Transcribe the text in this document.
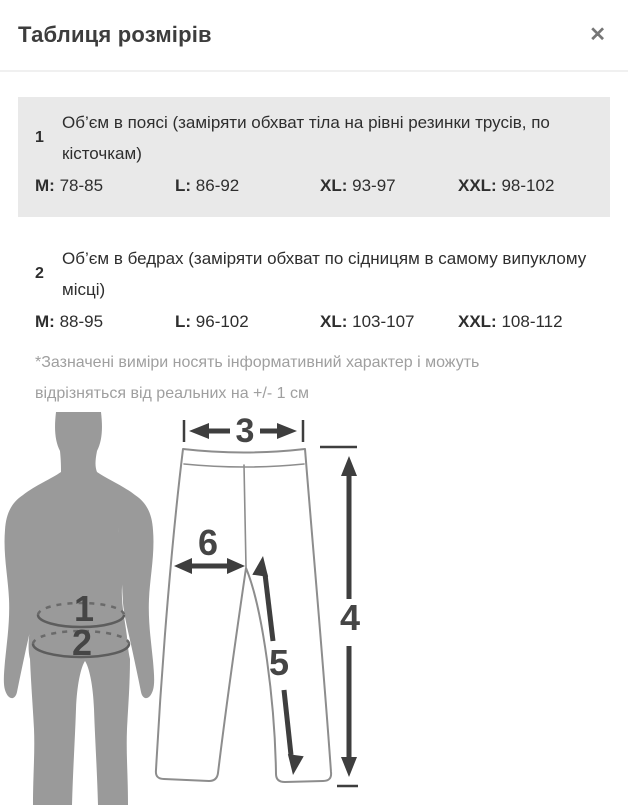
Таблиця розмірів	✕
1

Об’єм в поясі (заміряти обхват тіла на рівні резинки трусів, по кісточкам)

M: 78-85	L: 86-92	XL: 93-97	XXL: 98-102
2

Об’єм в бедрах (заміряти обхват по сідницям в самому випуклому місці)

M: 88-95	L: 96-102	XL: 103-107	XXL: 108-112

*Зазначені виміри носять інформативний характер і можуть відрізняться від реальних на +/- 1 см

1
2
3
4
5
6
